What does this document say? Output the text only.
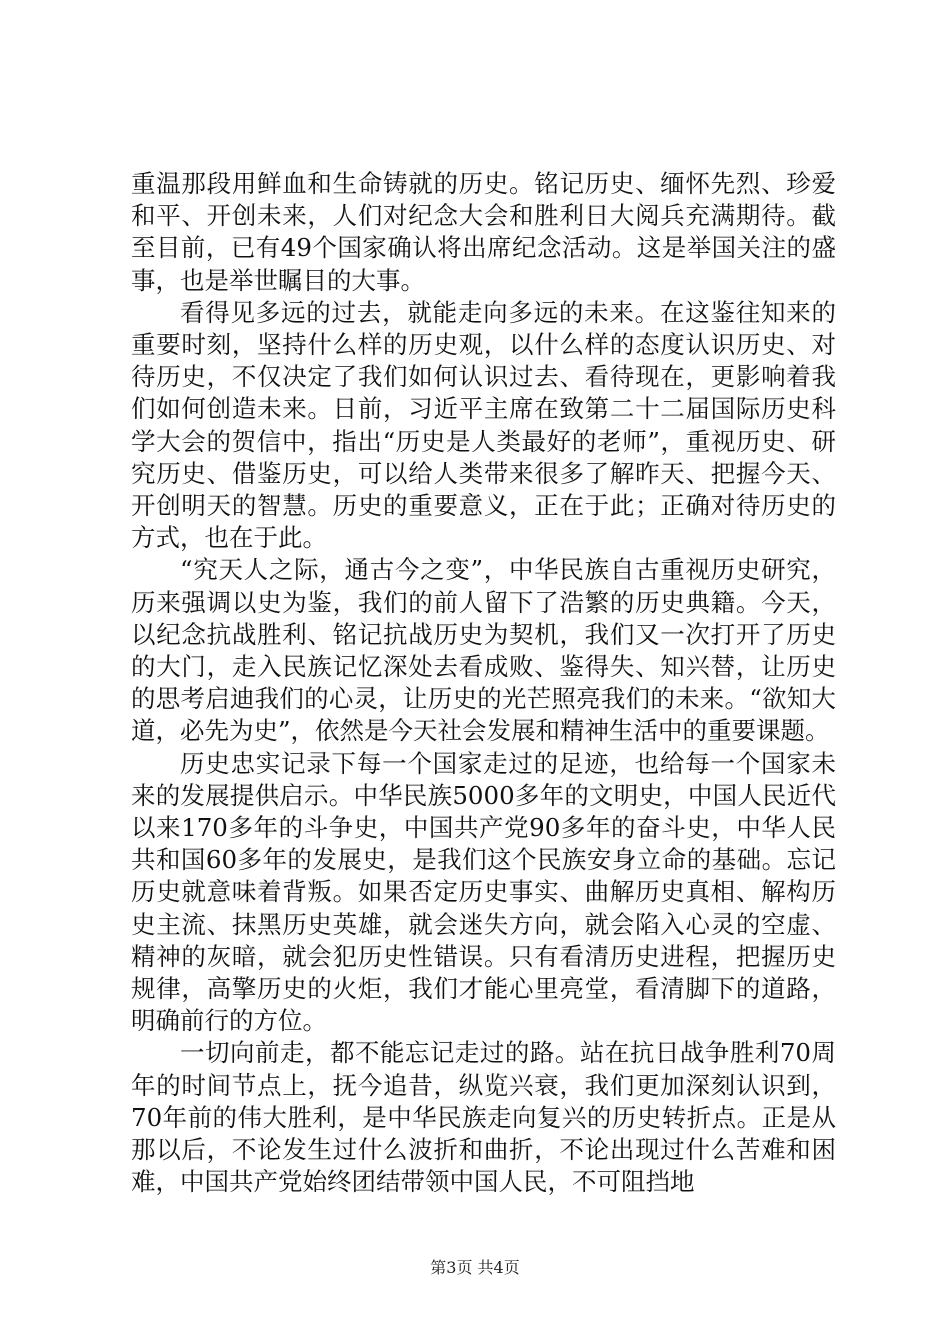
重温那段用鲜血和生命铸就的历史。铭记历史、缅怀先烈、珍爱和平、开创未来，人们对纪念大会和胜利日大阅兵充满期待。截至目前，已有49个国家确认将出席纪念活动。这是举国关注的盛事，也是举世瞩目的大事。

看得见多远的过去，就能走向多远的未来。在这鉴往知来的重要时刻，坚持什么样的历史观，以什么样的态度认识历史、对待历史，不仅决定了我们如何认识过去、看待现在，更影响着我们如何创造未来。日前，习近平主席在致第二十二届国际历史科学大会的贺信中，指出“历史是人类最好的老师”，重视历史、研究历史、借鉴历史，可以给人类带来很多了解昨天、把握今天、开创明天的智慧。历史的重要意义，正在于此；正确对待历史的方式，也在于此。

“究天人之际，通古今之变”，中华民族自古重视历史研究，历来强调以史为鉴，我们的前人留下了浩繁的历史典籍。今天，以纪念抗战胜利、铭记抗战历史为契机，我们又一次打开了历史的大门，走入民族记忆深处去看成败、鉴得失、知兴替，让历史的思考启迪我们的心灵，让历史的光芒照亮我们的未来。“欲知大道，必先为史”，依然是今天社会发展和精神生活中的重要课题。

历史忠实记录下每一个国家走过的足迹，也给每一个国家未来的发展提供启示。中华民族5000多年的文明史，中国人民近代以来170多年的斗争史，中国共产党90多年的奋斗史，中华人民共和国60多年的发展史，是我们这个民族安身立命的基础。忘记历史就意味着背叛。如果否定历史事实、曲解历史真相、解构历史主流、抹黑历史英雄，就会迷失方向，就会陷入心灵的空虚、精神的灰暗，就会犯历史性错误。只有看清历史进程，把握历史规律，高擎历史的火炬，我们才能心里亮堂，看清脚下的道路，明确前行的方位。

一切向前走，都不能忘记走过的路。站在抗日战争胜利70周年的时间节点上，抚今追昔，纵览兴衰，我们更加深刻认识到，70年前的伟大胜利，是中华民族走向复兴的历史转折点。正是从那以后，不论发生过什么波折和曲折，不论出现过什么苦难和困难，中国共产党始终团结带领中国人民，不可阻挡地

第3页 共4页
